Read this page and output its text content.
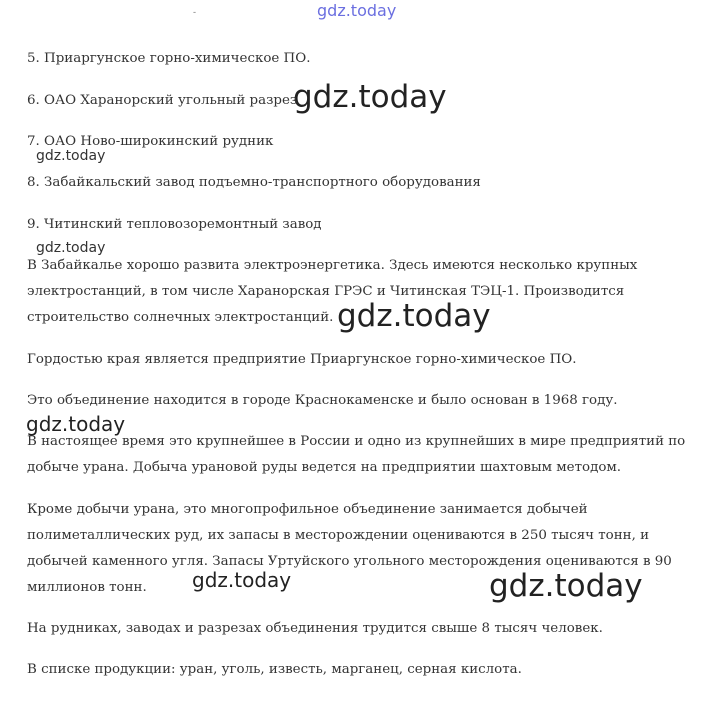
-	gdz.today
gdz.today
gdz.today
gdz.today
gdz.today
gdz.today
gdz.today	gdz.today
5. Приаргунское горно-химическое ПО.
6. ОАО Харанорский угольный разрез
7. ОАО Ново-широкинский рудник
8. Забайкальский завод подъемно-транспортного оборудования
9. Читинский тепловозоремонтный завод
В Забайкалье хорошо развита электроэнергетика. Здесь имеются несколько крупных электростанций, в том числе Харанорская ГРЭС и Читинская ТЭЦ-1. Производится строительство солнечных электростанций.
Гордостью края является предприятие Приаргунское горно-химическое ПО.
Это объединение находится в городе Краснокаменске и было основан в 1968 году.
В настоящее время это крупнейшее в России и одно из крупнейших в мире предприятий по добыче урана. Добыча урановой руды ведется на предприятии шахтовым методом.
Кроме добычи урана, это многопрофильное объединение занимается добычей полиметаллических руд, их запасы в месторождении оцениваются в 250 тысяч тонн, и добычей каменного угля. Запасы Уртуйского угольного месторождения оцениваются в 90 миллионов тонн.
На рудниках, заводах и разрезах объединения трудится свыше 8 тысяч человек.
В списке продукции: уран, уголь, известь, марганец, серная кислота.
